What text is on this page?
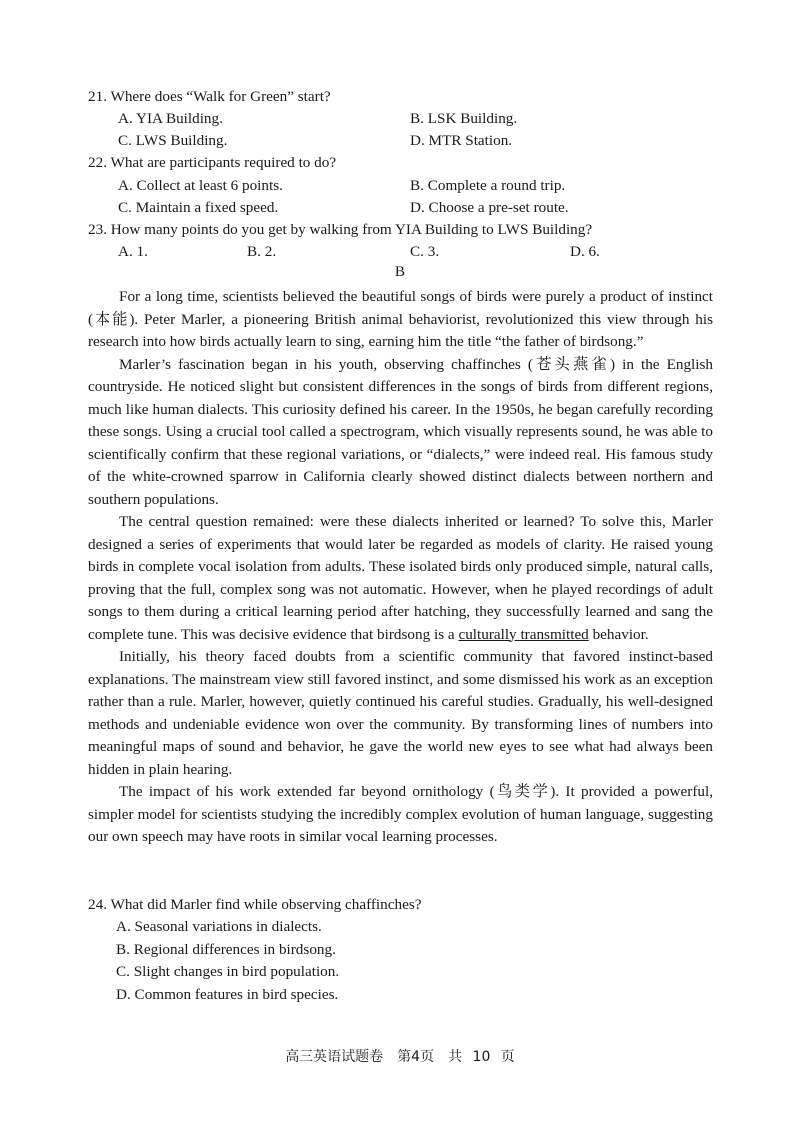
21. Where does “Walk for Green” start?
A. YIA Building.	B. LSK Building.
C. LWS Building.	D. MTR Station.
22. What are participants required to do?
A. Collect at least 6 points.	B. Complete a round trip.
C. Maintain a fixed speed.	D. Choose a pre-set route.
23. How many points do you get by walking from YIA Building to LWS Building?
A. 1.	B. 2.	C. 3.	D. 6.
B

For a long time, scientists believed the beautiful songs of birds were purely a product of instinct (本能). Peter Marler, a pioneering British animal behaviorist, revolutionized this view through his research into how birds actually learn to sing, earning him the title “the father of birdsong.”

Marler’s fascination began in his youth, observing chaffinches (苍头燕雀) in the English countryside. He noticed slight but consistent differences in the songs of birds from different regions, much like human dialects. This curiosity defined his career. In the 1950s, he began carefully recording these songs. Using a crucial tool called a spectrogram, which visually represents sound, he was able to scientifically confirm that these regional variations, or “dialects,” were indeed real. His famous study of the white-crowned sparrow in California clearly showed distinct dialects between northern and southern populations.

The central question remained: were these dialects inherited or learned? To solve this, Marler designed a series of experiments that would later be regarded as models of clarity. He raised young birds in complete vocal isolation from adults. These isolated birds only produced simple, natural calls, proving that the full, complex song was not automatic. However, when he played recordings of adult songs to them during a critical learning period after hatching, they successfully learned and sang the complete tune. This was decisive evidence that birdsong is a culturally transmitted behavior.

Initially, his theory faced doubts from a scientific community that favored instinct-based explanations. The mainstream view still favored instinct, and some dismissed his work as an exception rather than a rule. Marler, however, quietly continued his careful studies. Gradually, his well-designed methods and undeniable evidence won over the community. By transforming lines of numbers into meaningful maps of sound and behavior, he gave the world new eyes to see what had always been hidden in plain hearing.

The impact of his work extended far beyond ornithology (鸟类学). It provided a powerful, simpler model for scientists studying the incredibly complex evolution of human language, suggesting our own speech may have roots in similar vocal learning processes.

24. What did Marler find while observing chaffinches?
A. Seasonal variations in dialects.
B. Regional differences in birdsong.
C. Slight changes in bird population.
D. Common features in bird species.
高三英语试题卷　第4页　共 10 页
